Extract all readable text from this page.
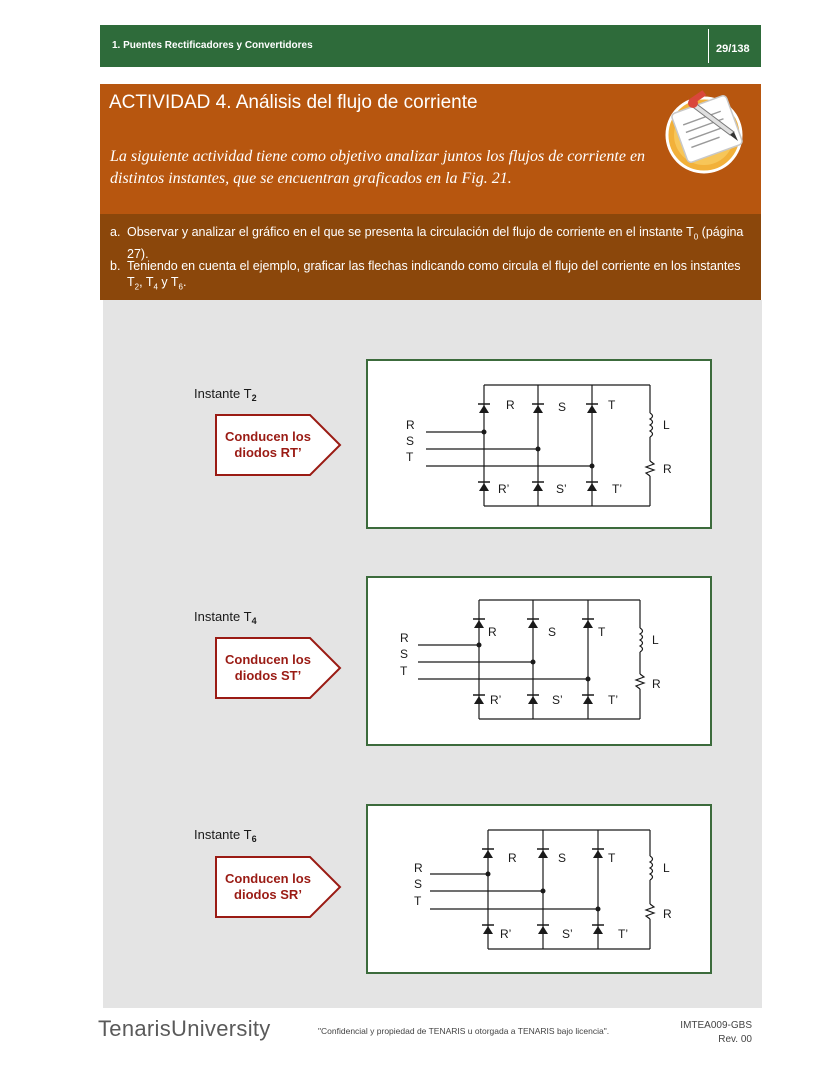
1. Puentes Rectificadores y Convertidores	29/138
ACTIVIDAD 4. Análisis del flujo de corriente
La siguiente actividad tiene como objetivo analizar juntos los flujos de corriente en distintos instantes, que se encuentran graficados en la Fig. 21.
a. Observar y analizar el gráfico en el que se presenta la circulación del flujo de corriente en el instante $T_0$ (página 27).
b. Teniendo en cuenta el ejemplo, graficar las flechas indicando como circula el flujo del corriente en los instantes $T_2$, $T_4$ y $T_6$.
Instante $T_2$
Conducen los
diodos RT’
R
S
T
R	S	T
R’	S’	T’
L
R
Instante $T_4$
Conducen los
diodos ST’
R
S
T
R	S	T
R’	S’	T’
L
R
Instante $T_6$
Conducen los
diodos SR’
R
S
T
R	S	T
R’	S’	T’
L
R
TenarisUniversity	"Confidencial y propiedad de TENARIS u otorgada a TENARIS bajo licencia".	IMTEA009-GBS
Rev. 00
